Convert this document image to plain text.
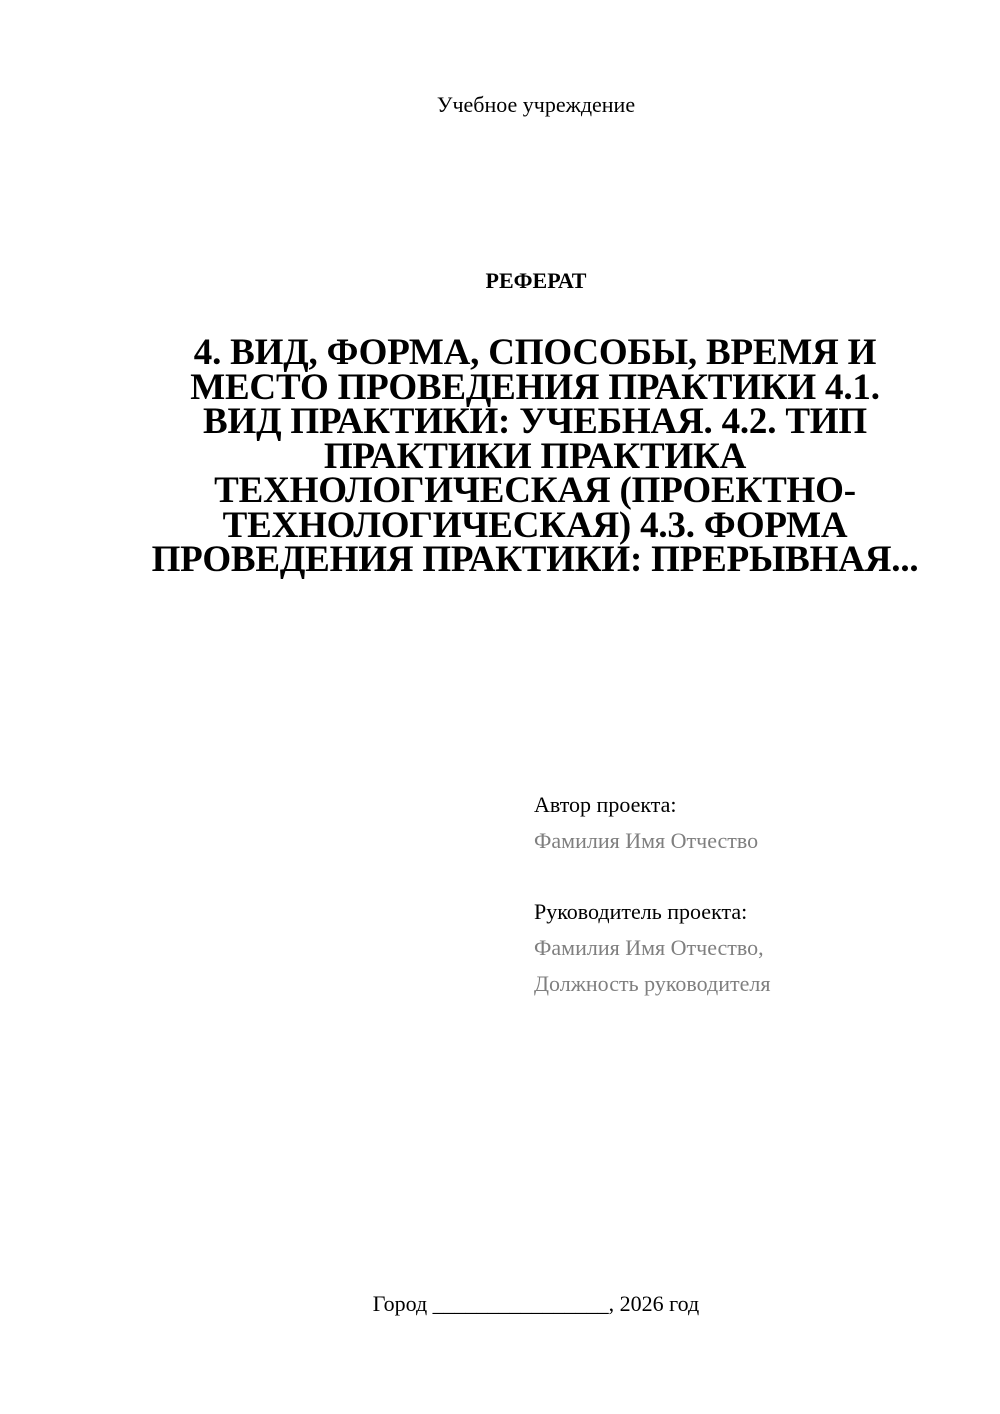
Учебное учреждение
РЕФЕРАТ
4. ВИД, ФОРМА, СПОСОБЫ, ВРЕМЯ И МЕСТО ПРОВЕДЕНИЯ ПРАКТИКИ 4.1. ВИД ПРАКТИКИ: УЧЕБНАЯ. 4.2. ТИП ПРАКТИКИ ПРАКТИКА ТЕХНОЛОГИЧЕСКАЯ (ПРОЕКТНО-ТЕХНОЛОГИЧЕСКАЯ) 4.3. ФОРМА ПРОВЕДЕНИЯ ПРАКТИКИ: ПРЕРЫВНАЯ...
Автор проекта:
Фамилия Имя Отчество
Руководитель проекта:
Фамилия Имя Отчество,
Должность руководителя
Город ________________, 2026 год
